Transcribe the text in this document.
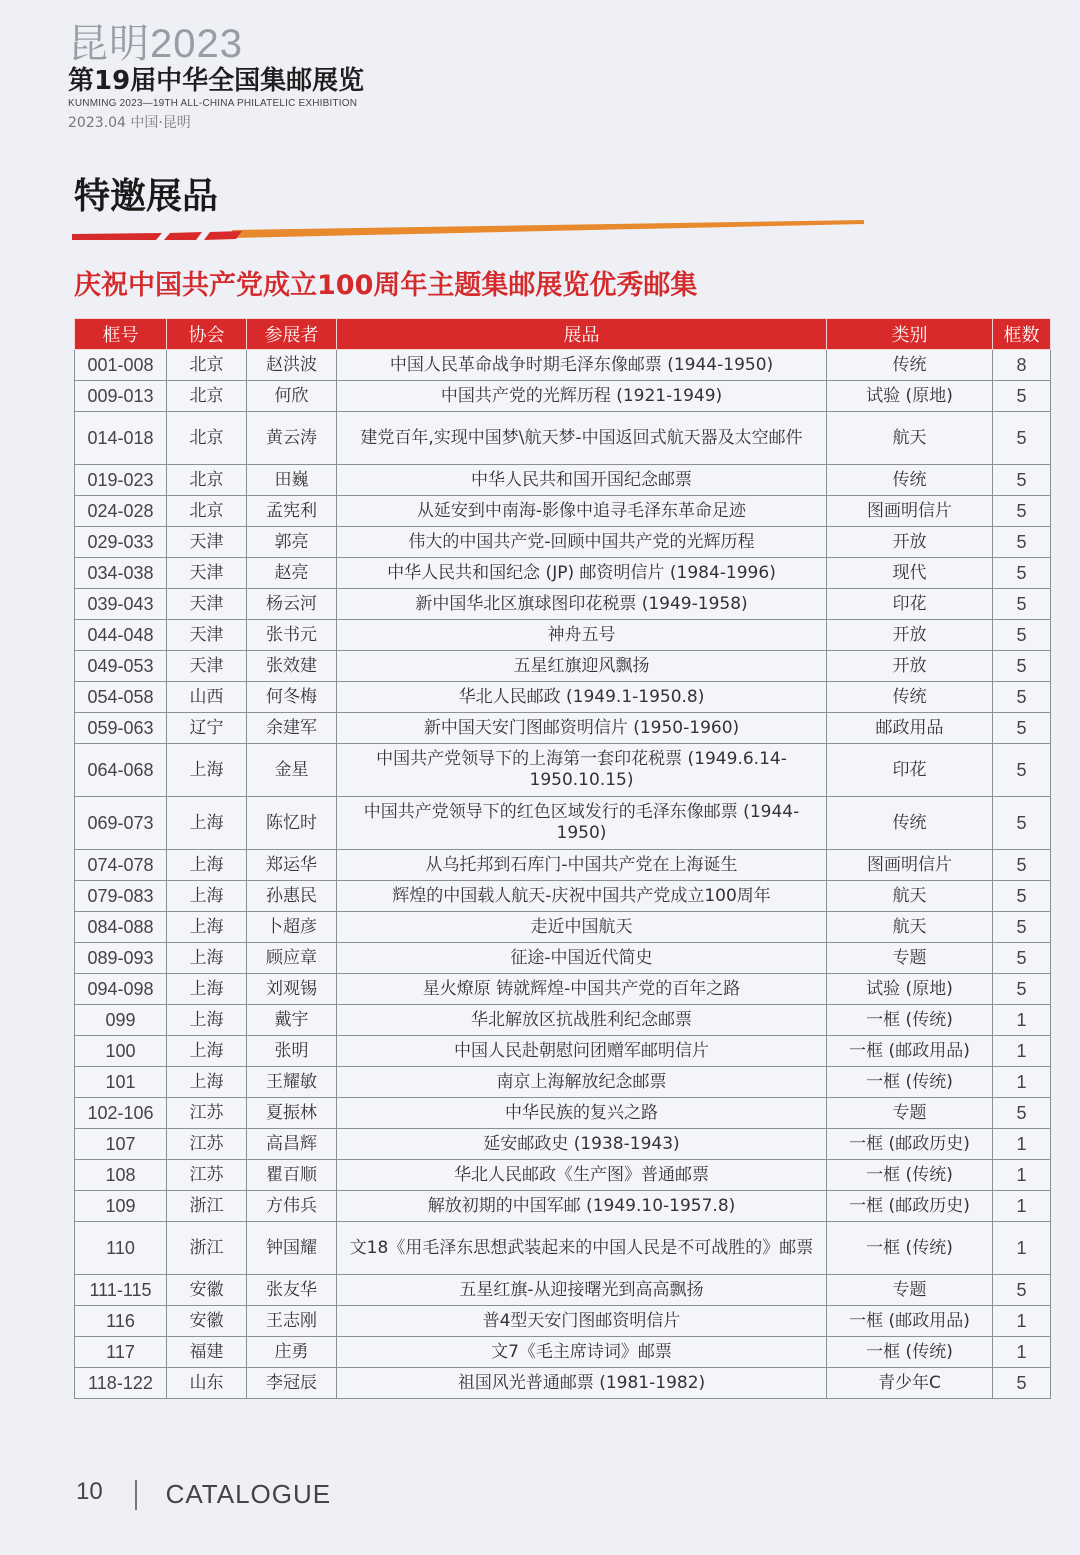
昆明2023
第19届中华全国集邮展览
KUNMING 2023—19TH ALL-CHINA PHILATELIC EXHIBITION
2023.04 中国·昆明
特邀展品
庆祝中国共产党成立100周年主题集邮展览优秀邮集
框号	协会	参展者	展品	类别	框数
001-008	北京	赵洪波	中国人民革命战争时期毛泽东像邮票 (1944-1950)	传统	8
009-013	北京	何欣	中国共产党的光辉历程 (1921-1949)	试验 (原地)	5
014-018	北京	黄云涛	建党百年,实现中国梦\航天梦-中国返回式航天器及太空邮件	航天	5
019-023	北京	田巍	中华人民共和国开国纪念邮票	传统	5
024-028	北京	孟宪利	从延安到中南海-影像中追寻毛泽东革命足迹	图画明信片	5
029-033	天津	郭亮	伟大的中国共产党-回顾中国共产党的光辉历程	开放	5
034-038	天津	赵亮	中华人民共和国纪念 (JP) 邮资明信片 (1984-1996)	现代	5
039-043	天津	杨云河	新中国华北区旗球图印花税票 (1949-1958)	印花	5
044-048	天津	张书元	神舟五号	开放	5
049-053	天津	张效建	五星红旗迎风飘扬	开放	5
054-058	山西	何冬梅	华北人民邮政 (1949.1-1950.8)	传统	5
059-063	辽宁	余建军	新中国天安门图邮资明信片 (1950-1960)	邮政用品	5
064-068	上海	金星	中国共产党领导下的上海第一套印花税票 (1949.6.14-1950.10.15)	印花	5
069-073	上海	陈忆时	中国共产党领导下的红色区域发行的毛泽东像邮票 (1944-1950)	传统	5
074-078	上海	郑运华	从乌托邦到石库门-中国共产党在上海诞生	图画明信片	5
079-083	上海	孙惠民	辉煌的中国载人航天-庆祝中国共产党成立100周年	航天	5
084-088	上海	卜超彦	走近中国航天	航天	5
089-093	上海	顾应章	征途-中国近代简史	专题	5
094-098	上海	刘观锡	星火燎原 铸就辉煌-中国共产党的百年之路	试验 (原地)	5
099	上海	戴宇	华北解放区抗战胜利纪念邮票	一框 (传统)	1
100	上海	张明	中国人民赴朝慰问团赠军邮明信片	一框 (邮政用品)	1
101	上海	王耀敏	南京上海解放纪念邮票	一框 (传统)	1
102-106	江苏	夏振林	中华民族的复兴之路	专题	5
107	江苏	高昌辉	延安邮政史 (1938-1943)	一框 (邮政历史)	1
108	江苏	瞿百顺	华北人民邮政《生产图》普通邮票	一框 (传统)	1
109	浙江	方伟兵	解放初期的中国军邮 (1949.10-1957.8)	一框 (邮政历史)	1
110	浙江	钟国耀	文18《用毛泽东思想武装起来的中国人民是不可战胜的》邮票	一框 (传统)	1
111-115	安徽	张友华	五星红旗-从迎接曙光到高高飘扬	专题	5
116	安徽	王志刚	普4型天安门图邮资明信片	一框 (邮政用品)	1
117	福建	庄勇	文7《毛主席诗词》邮票	一框 (传统)	1
118-122	山东	李冠辰	祖国风光普通邮票 (1981-1982)	青少年C	5
10 CATALOGUE
